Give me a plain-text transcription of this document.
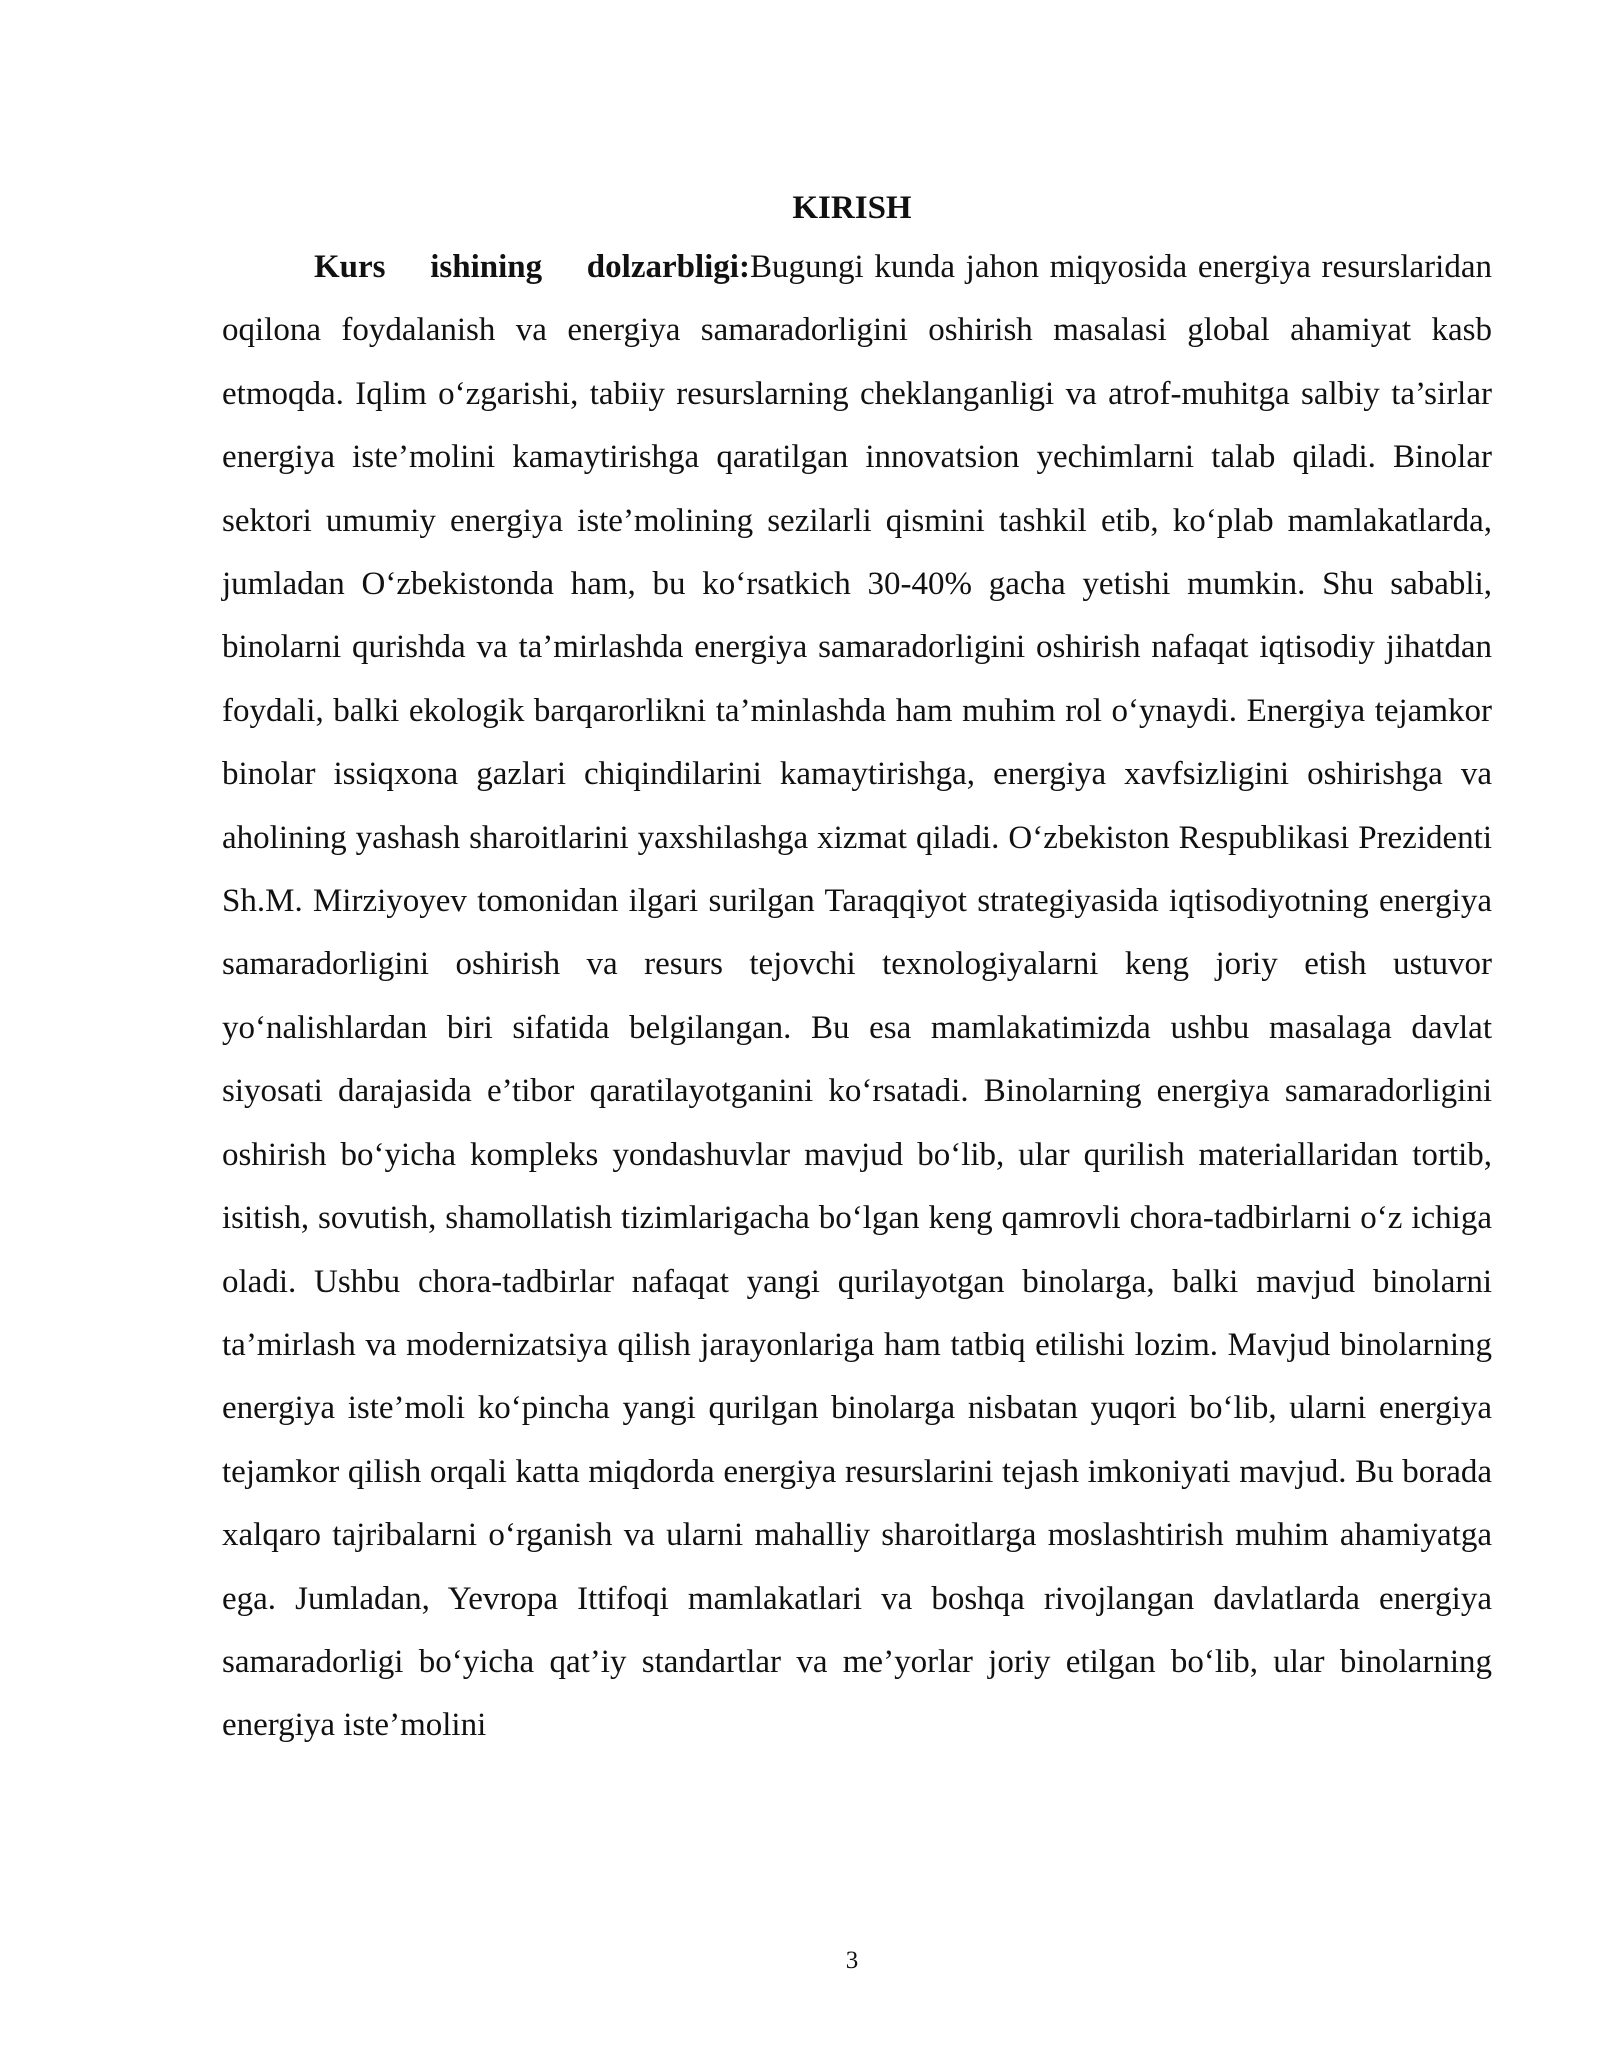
KIRISH

Kurs ishining dolzarbligi:Bugungi kunda jahon miqyosida energiya resurslaridan oqilona foydalanish va energiya samaradorligini oshirish masalasi global ahamiyat kasb etmoqda. Iqlim o‘zgarishi, tabiiy resurslarning cheklanganligi va atrof-muhitga salbiy ta’sirlar energiya iste’molini kamaytirishga qaratilgan innovatsion yechimlarni talab qiladi. Binolar sektori umumiy energiya iste’molining sezilarli qismini tashkil etib, ko‘plab mamlakatlarda, jumladan O‘zbekistonda ham, bu ko‘rsatkich 30-40% gacha yetishi mumkin. Shu sababli, binolarni qurishda va ta’mirlashda energiya samaradorligini oshirish nafaqat iqtisodiy jihatdan foydali, balki ekologik barqarorlikni ta’minlashda ham muhim rol o‘ynaydi. Energiya tejamkor binolar issiqxona gazlari chiqindilarini kamaytirishga, energiya xavfsizligini oshirishga va aholining yashash sharoitlarini yaxshilashga xizmat qiladi. O‘zbekiston Respublikasi Prezidenti Sh.M. Mirziyoyev tomonidan ilgari surilgan Taraqqiyot strategiyasida iqtisodiyotning energiya samaradorligini oshirish va resurs tejovchi texnologiyalarni keng joriy etish ustuvor yo‘nalishlardan biri sifatida belgilangan. Bu esa mamlakatimizda ushbu masalaga davlat siyosati darajasida e’tibor qaratilayotganini ko‘rsatadi. Binolarning energiya samaradorligini oshirish bo‘yicha kompleks yondashuvlar mavjud bo‘lib, ular qurilish materiallaridan tortib, isitish, sovutish, shamollatish tizimlarigacha bo‘lgan keng qamrovli chora-tadbirlarni o‘z ichiga oladi. Ushbu chora-tadbirlar nafaqat yangi qurilayotgan binolarga, balki mavjud binolarni ta’mirlash va modernizatsiya qilish jarayonlariga ham tatbiq etilishi lozim. Mavjud binolarning energiya iste’moli ko‘pincha yangi qurilgan binolarga nisbatan yuqori bo‘lib, ularni energiya tejamkor qilish orqali katta miqdorda energiya resurslarini tejash imkoniyati mavjud. Bu borada xalqaro tajribalarni o‘rganish va ularni mahalliy sharoitlarga moslashtirish muhim ahamiyatga ega. Jumladan, Yevropa Ittifoqi mamlakatlari va boshqa rivojlangan davlatlarda energiya samaradorligi bo‘yicha qat’iy standartlar va me’yorlar joriy etilgan bo‘lib, ular binolarning energiya iste’molini

3
